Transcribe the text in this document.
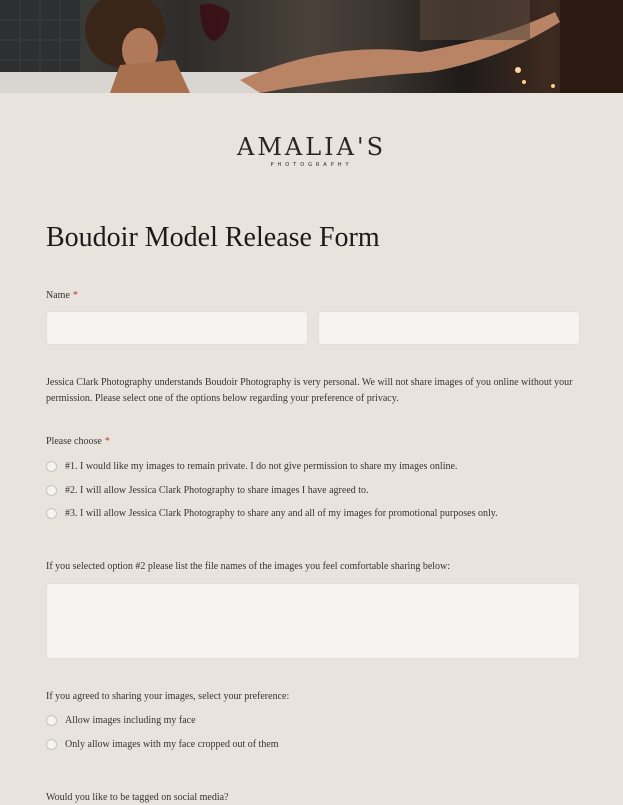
AMALIA'S
PHOTOGRAPHY
Boudoir Model Release Form
Name *

Jessica Clark Photography understands Boudoir Photography is very personal. We will not share images of you online without your permission. Please select one of the options below regarding your preference of privacy.

Please choose *
#1. I would like my images to remain private. I do not give permission to share my images online.
#2. I will allow Jessica Clark Photography to share images I have agreed to.
#3. I will allow Jessica Clark Photography to share any and all of my images for promotional purposes only.
If you selected option #2 please list the file names of the images you feel comfortable sharing below:
If you agreed to sharing your images, select your preference:
Allow images including my face
Only allow images with my face cropped out of them
Would you like to be tagged on social media?
